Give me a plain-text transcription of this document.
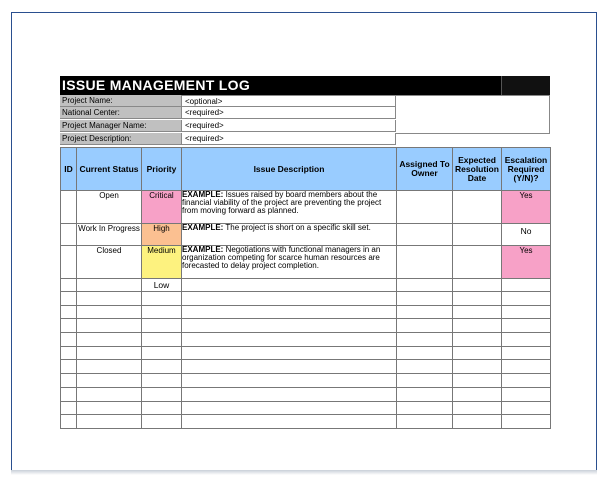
ISSUE MANAGEMENT LOG
Project Name:	<optional>
National Center:	<required>
Project Manager Name:	<required>
Project Description:	<required>
ID	Current Status	Priority	Issue Description	Assigned To Owner	Expected Resolution Date	Escalation Required (Y/N)?
	Open	Critical	EXAMPLE: Issues raised by board members about the financial viability of the project are preventing the project from moving forward as planned.			Yes
	Work In Progress	High	EXAMPLE: The project is short on a specific skill set.			No
	Closed	Medium	EXAMPLE: Negotiations with functional managers in an organization competing for scarce human resources are forecasted to delay project completion.			Yes
		Low				
